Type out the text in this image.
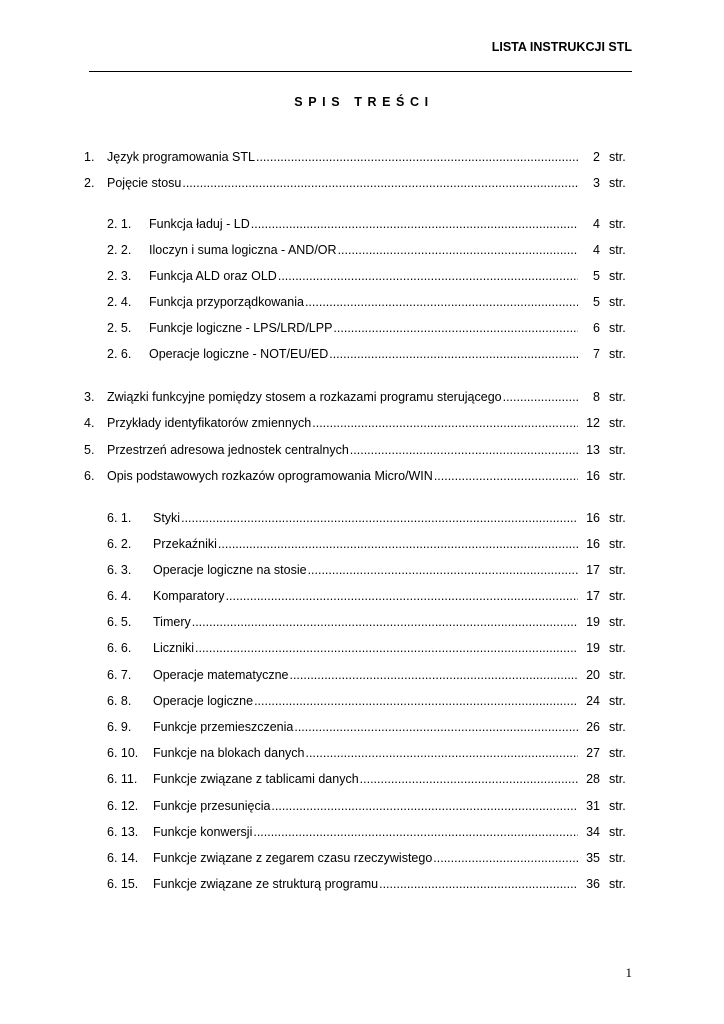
LISTA INSTRUKCJI STL
SPIS TREŚCI
1. Język programowania STL .....	2 str.
2. Pojęcie stosu .....	3 str.
2. 1. Funkcja ładuj - LD .....	4 str.
2. 2. Iloczyn i suma logiczna - AND/OR .....	4 str.
2. 3. Funkcja ALD oraz OLD .....	5 str.
2. 4. Funkcja przyporządkowania .....	5 str.
2. 5. Funkcje logiczne - LPS/LRD/LPP .....	6 str.
2. 6. Operacje logiczne - NOT/EU/ED .....	7 str.
3. Związki funkcyjne pomiędzy stosem a rozkazami programu sterującego .....	8 str.
4. Przykłady identyfikatorów zmiennych .....	12 str.
5. Przestrzeń adresowa jednostek centralnych .....	13 str.
6. Opis podstawowych rozkazów oprogramowania Micro/WIN .....	16 str.
6. 1. Styki .....	16 str.
6. 2. Przekaźniki .....	16 str.
6. 3. Operacje logiczne na stosie .....	17 str.
6. 4. Komparatory .....	17 str.
6. 5. Timery .....	19 str.
6. 6. Liczniki .....	19 str.
6. 7. Operacje matematyczne .....	20 str.
6. 8. Operacje logiczne .....	24 str.
6. 9. Funkcje przemieszczenia .....	26 str.
6. 10. Funkcje na blokach danych .....	27 str.
6. 11. Funkcje związane z tablicami danych .....	28 str.
6. 12. Funkcje przesunięcia .....	31 str.
6. 13. Funkcje konwersji .....	34 str.
6. 14. Funkcje związane z zegarem czasu rzeczywistego .....	35 str.
6. 15. Funkcje związane ze strukturą programu .....	36 str.
1
